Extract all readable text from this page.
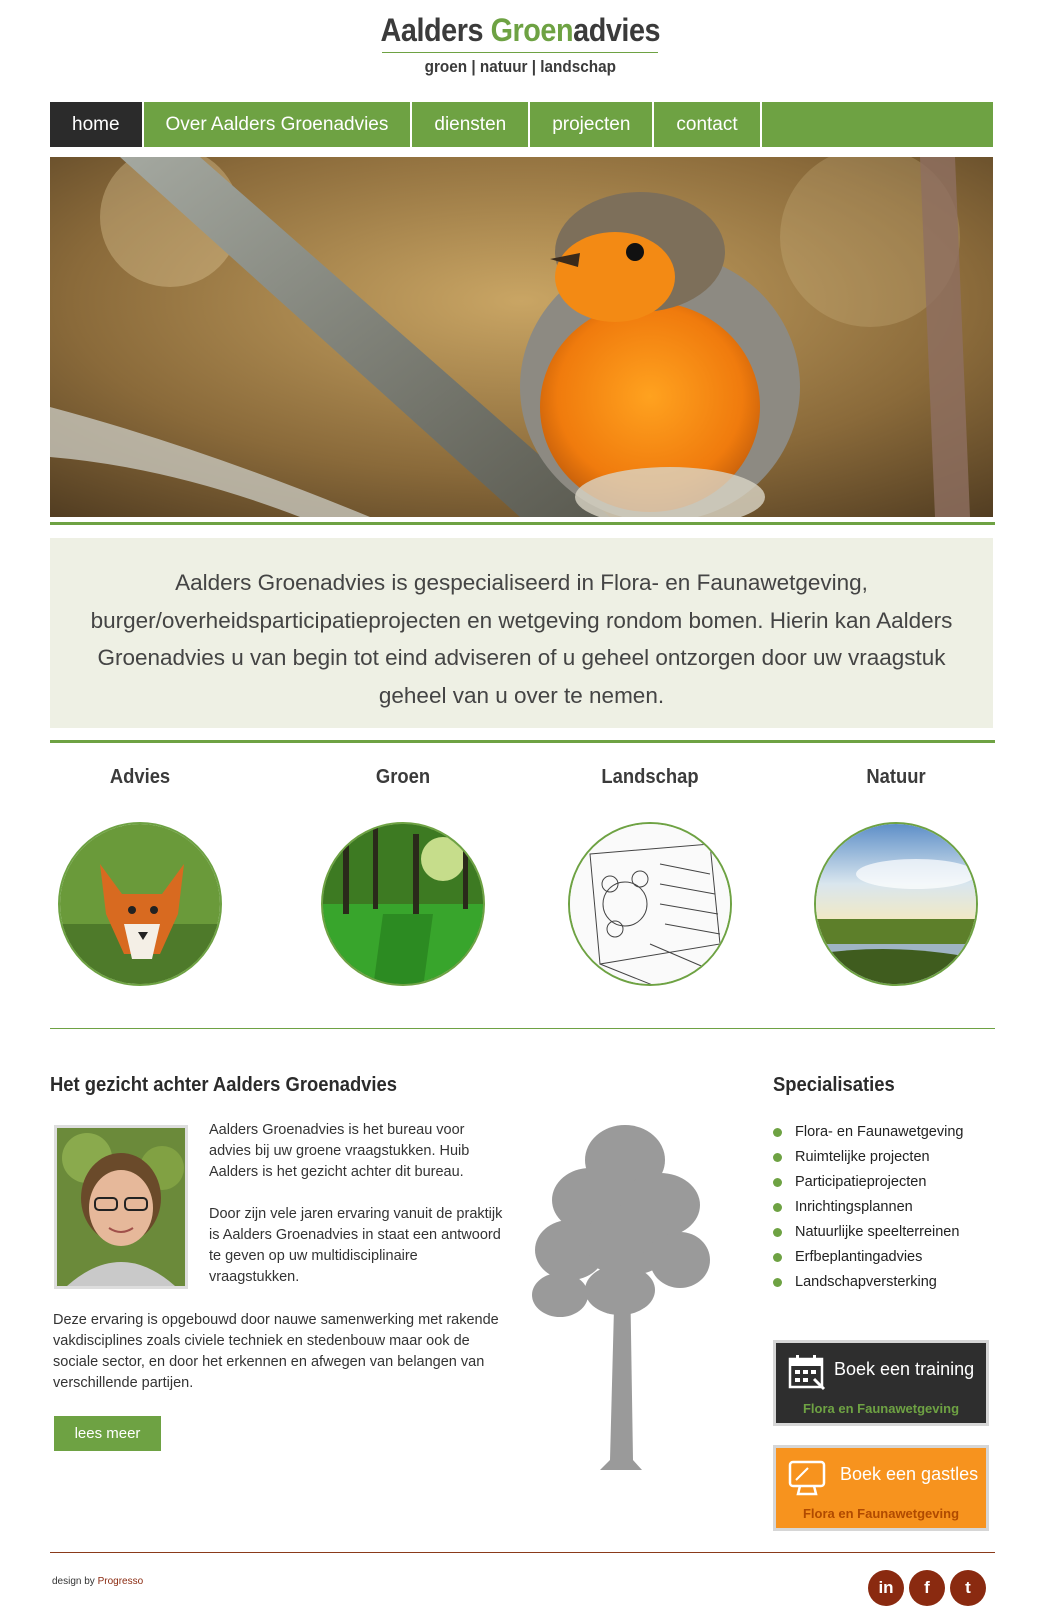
Aalders Groenadvies
groen | natuur | landschap
home	Over Aalders Groenadvies	diensten	projecten	contact
Aalders Groenadvies is gespecialiseerd in Flora- en Faunawetgeving, burger/overheidsparticipatieprojecten en wetgeving rondom bomen. Hierin kan Aalders Groenadvies u van begin tot eind adviseren of u geheel ontzorgen door uw vraagstuk geheel van u over te nemen.
Advies	Groen	Landschap	Natuur
Het gezicht achter Aalders Groenadvies
Aalders Groenadvies is het bureau voor advies bij uw groene vraagstukken. Huib Aalders is het gezicht achter dit bureau.
Door zijn vele jaren ervaring vanuit de praktijk is Aalders Groenadvies in staat een antwoord te geven op uw multidisciplinaire vraagstukken.
Deze ervaring is opgebouwd door nauwe samenwerking met rakende vakdisciplines zoals civiele techniek en stedenbouw maar ook de sociale sector, en door het erkennen en afwegen van belangen van verschillende partijen.
lees meer
Specialisaties
Flora- en Faunawetgeving
Ruimtelijke projecten
Participatieprojecten
Inrichtingsplannen
Natuurlijke speelterreinen
Erfbeplantingadvies
Landschapversterking
Boek een training
Flora en Faunawetgeving
Boek een gastles
Flora en Faunawetgeving
design by Progresso	in	f	t
